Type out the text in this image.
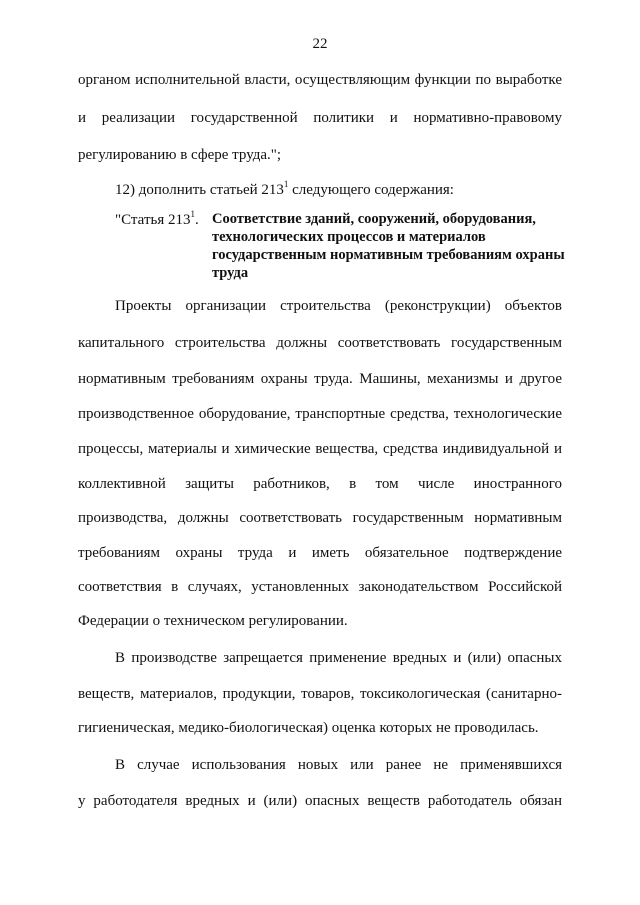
22
органом исполнительной власти, осуществляющим функции по выработке
и реализации государственной политики и нормативно-правовому
регулированию в сфере труда.";
12) дополнить статьей $213^1$ следующего содержания:
"Статья $213^1$. Соответствие зданий, сооружений, оборудования, технологических процессов и материалов государственным нормативным требованиям охраны труда
Проекты организации строительства (реконструкции) объектов
капитального строительства должны соответствовать государственным
нормативным требованиям охраны труда. Машины, механизмы и другое
производственное оборудование, транспортные средства, технологические
процессы, материалы и химические вещества, средства индивидуальной и
коллективной защиты работников, в том числе иностранного
производства, должны соответствовать государственным нормативным
требованиям охраны труда и иметь обязательное подтверждение
соответствия в случаях, установленных законодательством Российской
Федерации о техническом регулировании.
В производстве запрещается применение вредных и (или) опасных
веществ, материалов, продукции, товаров, токсикологическая (санитарно-
гигиеническая, медико-биологическая) оценка которых не проводилась.
В случае использования новых или ранее не применявшихся
у работодателя вредных и (или) опасных веществ работодатель обязан
